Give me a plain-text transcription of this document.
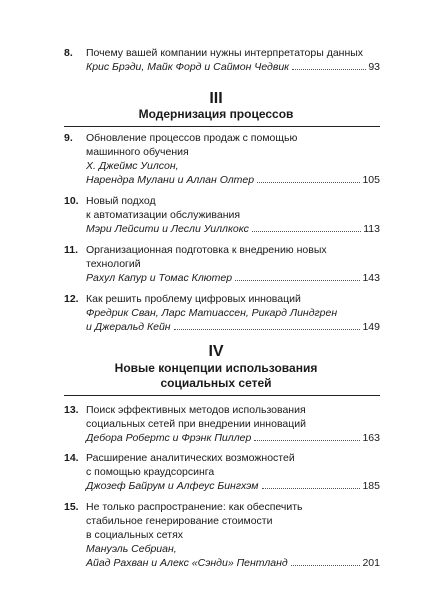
8. Почему вашей компании нужны интерпретаторы данных
Крис Брэди, Майк Форд и Саймон Чедвик	93
III
Модернизация процессов
9. Обновление процессов продаж с помощью
машинного обучения
Х. Джеймс Уилсон,
Нарендра Мулани и Аллан Олтер	105
10. Новый подход
к автоматизации обслуживания
Мэри Лейсити и Лесли Уиллкокс	113
11. Организационная подготовка к внедрению новых
технологий
Рахул Капур и Томас Клютер	143
12. Как решить проблему цифровых инноваций
Фредрик Сван, Ларс Матиассен, Рикард Линдгрен
и Джеральд Кейн	149
IV
Новые концепции использования
социальных сетей
13. Поиск эффективных методов использования
социальных сетей при внедрении инноваций
Дебора Робертс и Фрэнк Пиллер	163
14. Расширение аналитических возможностей
с помощью краудсорсинга
Джозеф Байрум и Алфеус Бингхэм	185
15. Не только распространение: как обеспечить
стабильное генерирование стоимости
в социальных сетях
Мануэль Себриан,
Айад Рахван и Алекс «Сэнди» Пентланд	201
